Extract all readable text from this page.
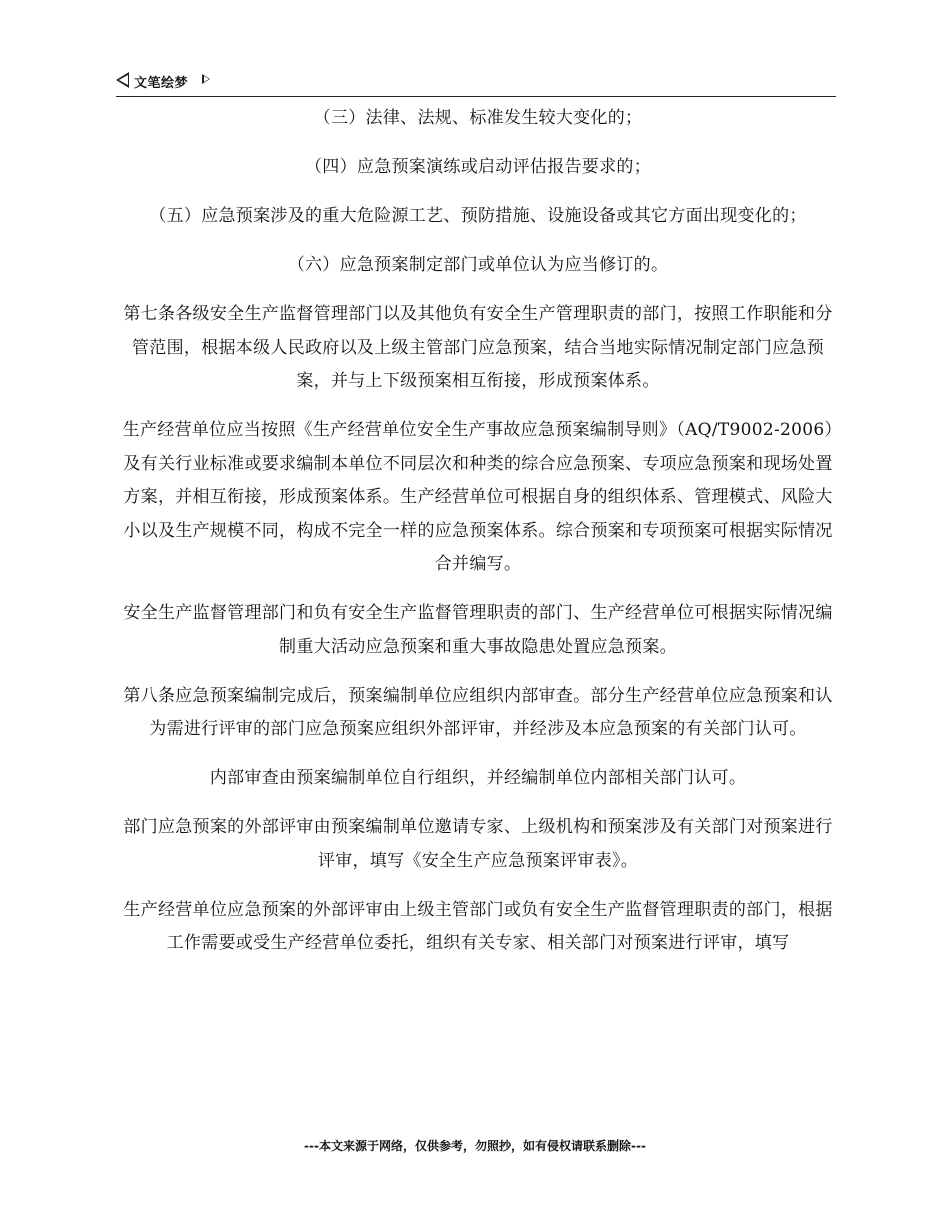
文笔绘梦

（三）法律、法规、标准发生较大变化的；

（四）应急预案演练或启动评估报告要求的；

（五）应急预案涉及的重大危险源工艺、预防措施、设施设备或其它方面出现变化的；

（六）应急预案制定部门或单位认为应当修订的。

第七条各级安全生产监督管理部门以及其他负有安全生产管理职责的部门，按照工作职能和分管范围，根据本级人民政府以及上级主管部门应急预案，结合当地实际情况制定部门应急预案，并与上下级预案相互衔接，形成预案体系。

生产经营单位应当按照《生产经营单位安全生产事故应急预案编制导则》（AQ/T9002-2006）及有关行业标准或要求编制本单位不同层次和种类的综合应急预案、专项应急预案和现场处置方案，并相互衔接，形成预案体系。生产经营单位可根据自身的组织体系、管理模式、风险大小以及生产规模不同，构成不完全一样的应急预案体系。综合预案和专项预案可根据实际情况合并编写。

安全生产监督管理部门和负有安全生产监督管理职责的部门、生产经营单位可根据实际情况编制重大活动应急预案和重大事故隐患处置应急预案。

第八条应急预案编制完成后，预案编制单位应组织内部审查。部分生产经营单位应急预案和认为需进行评审的部门应急预案应组织外部评审，并经涉及本应急预案的有关部门认可。

内部审查由预案编制单位自行组织，并经编制单位内部相关部门认可。

部门应急预案的外部评审由预案编制单位邀请专家、上级机构和预案涉及有关部门对预案进行评审，填写《安全生产应急预案评审表》。

生产经营单位应急预案的外部评审由上级主管部门或负有安全生产监督管理职责的部门，根据工作需要或受生产经营单位委托，组织有关专家、相关部门对预案进行评审，填写

---本文来源于网络，仅供参考，勿照抄，如有侵权请联系删除---
